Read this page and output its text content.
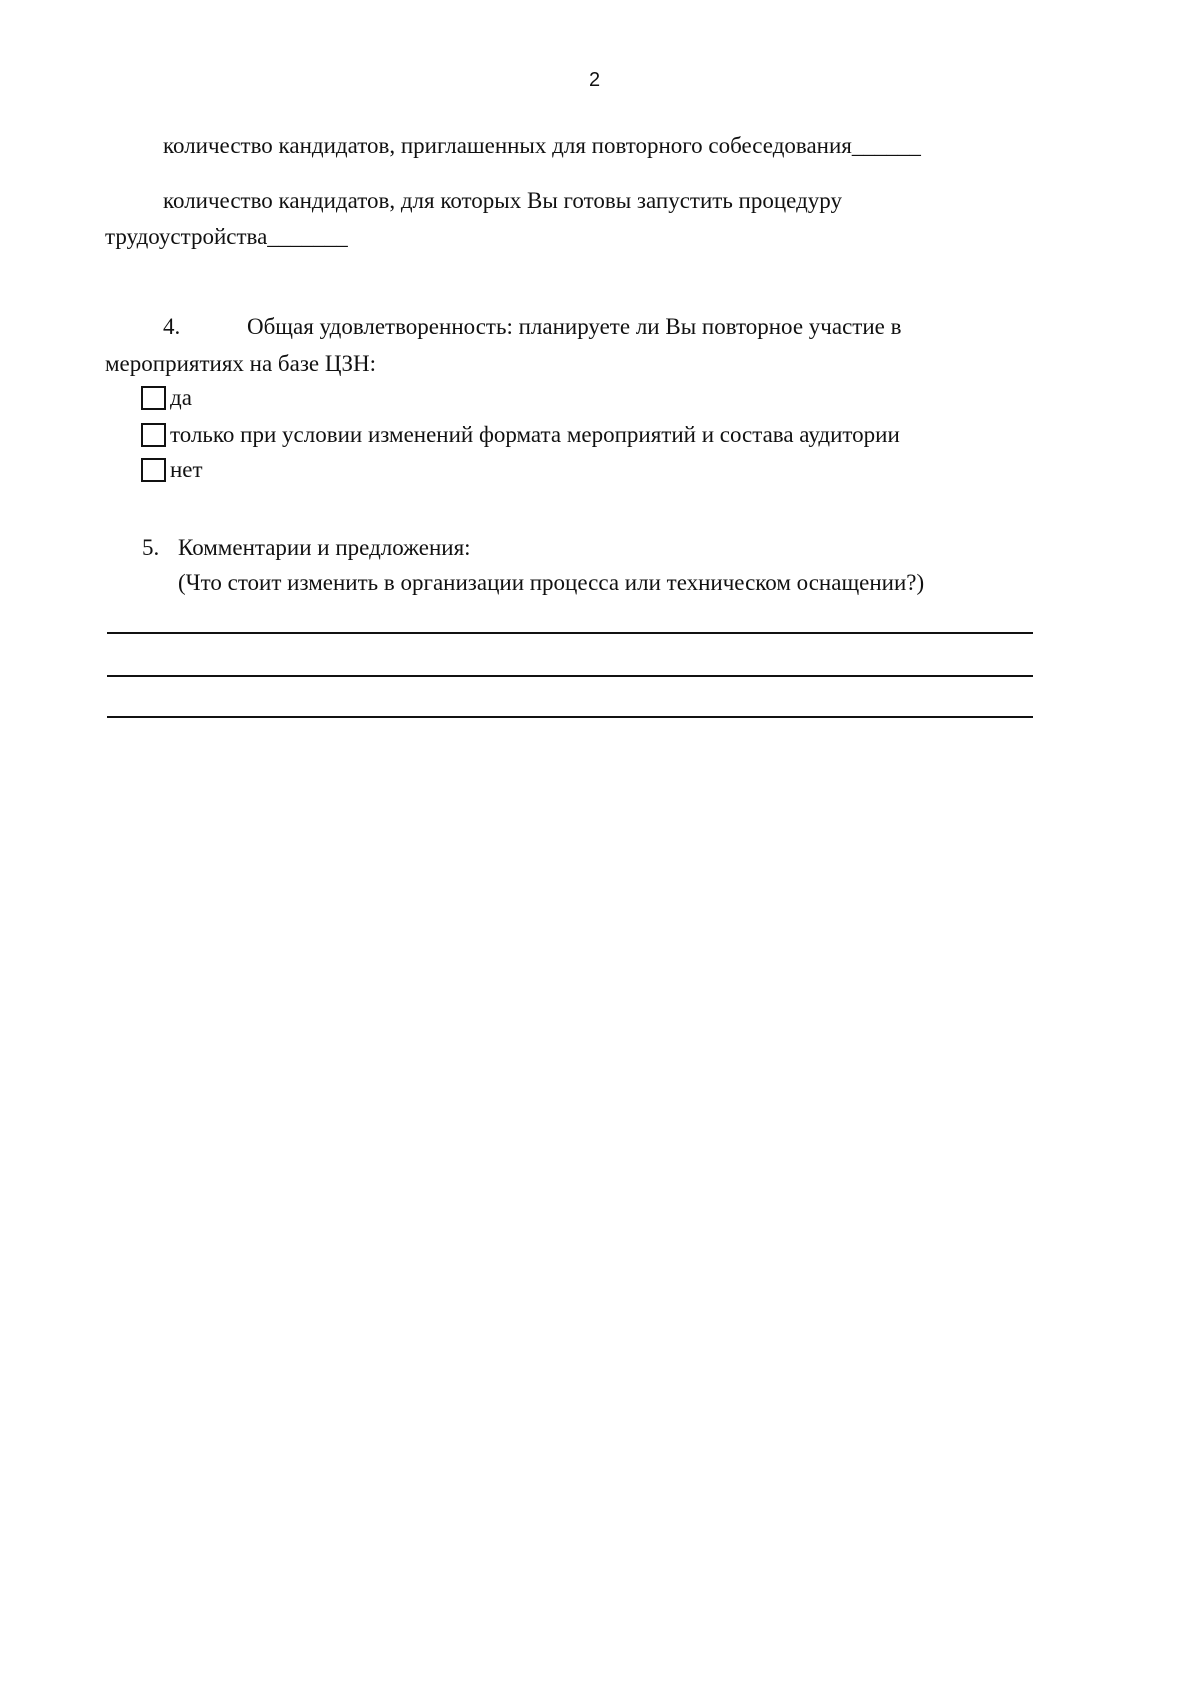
2
количество кандидатов, приглашенных для повторного собеседования______
количество кандидатов, для которых Вы готовы запустить процедуру
трудоустройства_______
4.	Общая удовлетворенность: планируете ли Вы повторное участие в
мероприятиях на базе ЦЗН:
да
только при условии изменений формата мероприятий и состава аудитории
нет
5. Комментарии и предложения:
(Что стоит изменить в организации процесса или техническом оснащении?)
